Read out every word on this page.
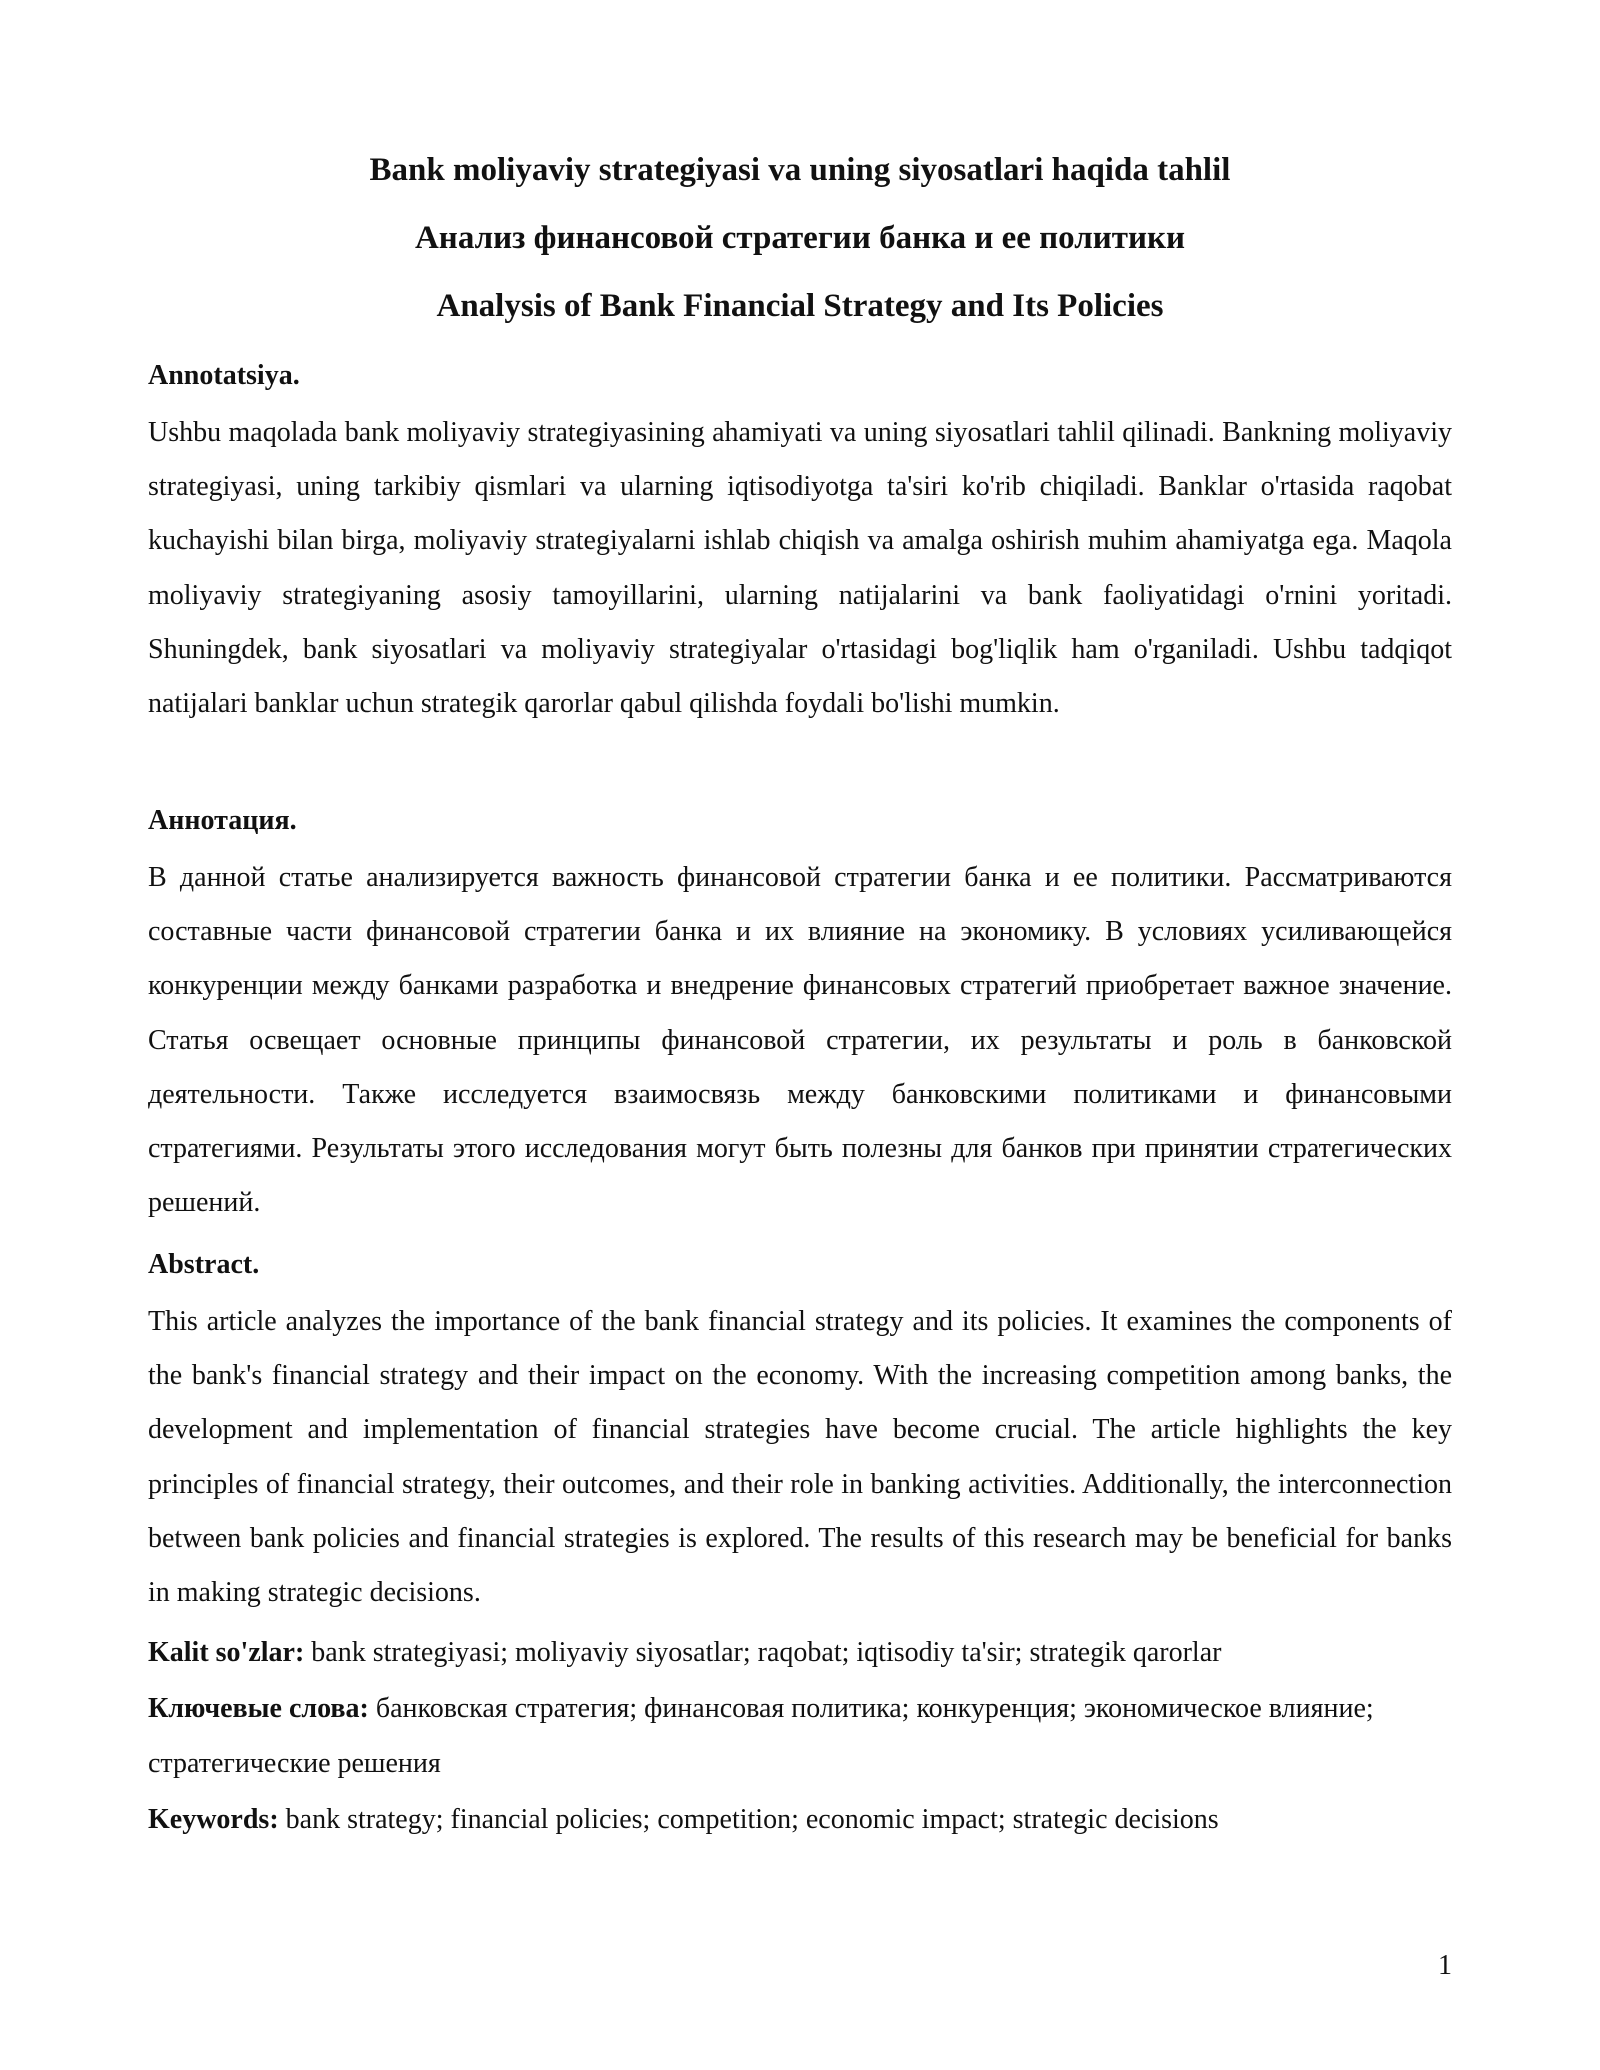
Bank moliyaviy strategiyasi va uning siyosatlari haqida tahlil
Анализ финансовой стратегии банка и ее политики
Analysis of Bank Financial Strategy and Its Policies
Annotatsiya.

Ushbu maqolada bank moliyaviy strategiyasining ahamiyati va uning siyosatlari tahlil qilinadi. Bankning moliyaviy strategiyasi, uning tarkibiy qismlari va ularning iqtisodiyotga ta'siri ko'rib chiqiladi. Banklar o'rtasida raqobat kuchayishi bilan birga, moliyaviy strategiyalarni ishlab chiqish va amalga oshirish muhim ahamiyatga ega. Maqola moliyaviy strategiyaning asosiy tamoyillarini, ularning natijalarini va bank faoliyatidagi o'rnini yoritadi. Shuningdek, bank siyosatlari va moliyaviy strategiyalar o'rtasidagi bog'liqlik ham o'rganiladi. Ushbu tadqiqot natijalari banklar uchun strategik qarorlar qabul qilishda foydali bo'lishi mumkin.

Аннотация.

В данной статье анализируется важность финансовой стратегии банка и ее политики. Рассматриваются составные части финансовой стратегии банка и их влияние на экономику. В условиях усиливающейся конкуренции между банками разработка и внедрение финансовых стратегий приобретает важное значение. Статья освещает основные принципы финансовой стратегии, их результаты и роль в банковской деятельности. Также исследуется взаимосвязь между банковскими политиками и финансовыми стратегиями. Результаты этого исследования могут быть полезны для банков при принятии стратегических решений.

Abstract.

This article analyzes the importance of the bank financial strategy and its policies. It examines the components of the bank's financial strategy and their impact on the economy. With the increasing competition among banks, the development and implementation of financial strategies have become crucial. The article highlights the key principles of financial strategy, their outcomes, and their role in banking activities. Additionally, the interconnection between bank policies and financial strategies is explored. The results of this research may be beneficial for banks in making strategic decisions.

Kalit so'zlar: bank strategiyasi; moliyaviy siyosatlar; raqobat; iqtisodiy ta'sir; strategik qarorlar

Ключевые слова: банковская стратегия; финансовая политика; конкуренция; экономическое влияние; стратегические решения

Keywords: bank strategy; financial policies; competition; economic impact; strategic decisions

1
